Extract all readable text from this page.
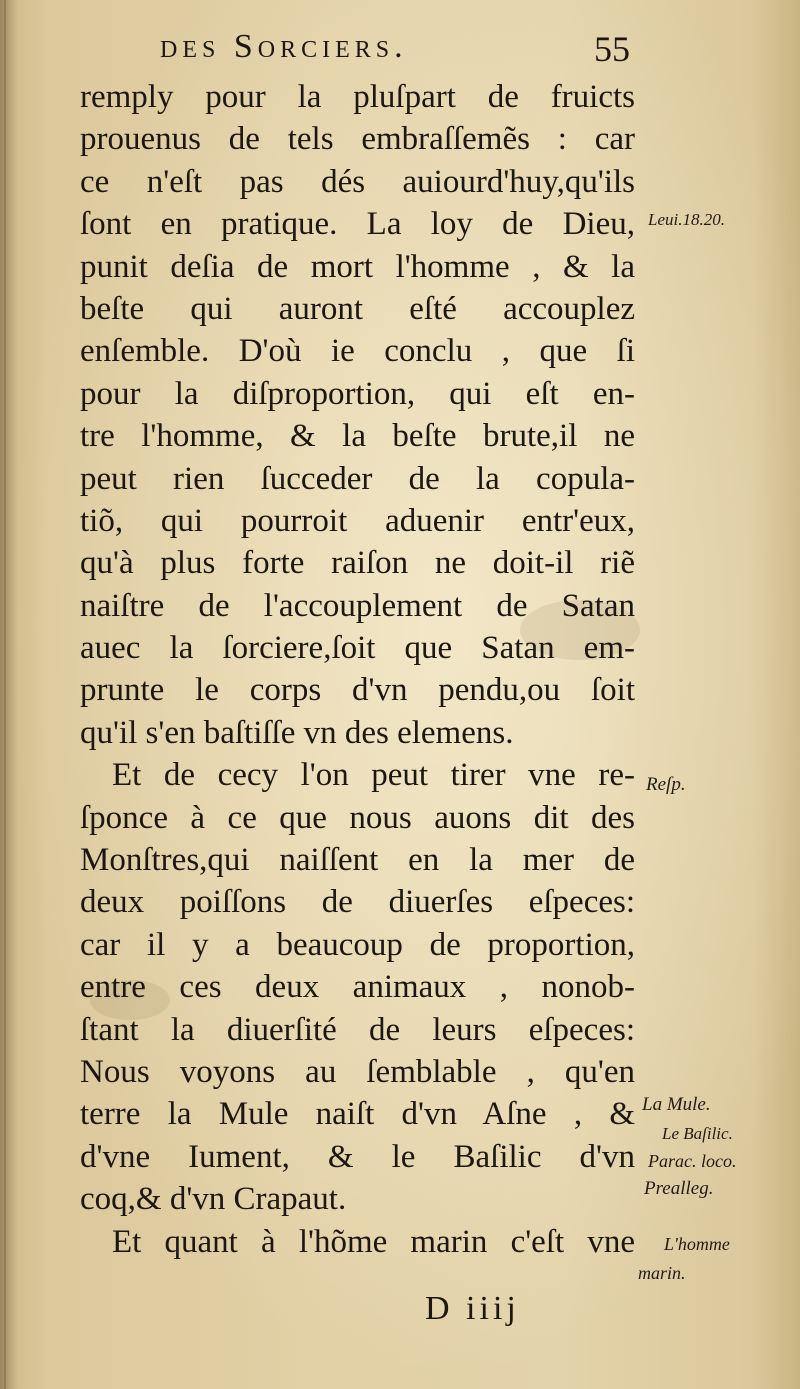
des Sorciers.	55
remply pour la pluſpart de fruicts
prouenus de tels embraſſemẽs : car
ce n'eſt pas dés auiourd'huy,qu'ils
ſont en pratique. La loy de Dieu,
punit deſia de mort l'homme , & la
beſte qui auront eſté accouplez
enſemble. D'où ie conclu , que ſi
pour la diſproportion, qui eſt en-
tre l'homme, & la beſte brute,il ne
peut rien ſucceder de la copula-
tiõ, qui pourroit aduenir entr'eux,
qu'à plus forte raiſon ne doit-il riẽ
naiſtre de l'accouplement de Satan
auec la ſorciere,ſoit que Satan em-
prunte le corps d'vn pendu,ou ſoit
qu'il s'en baſtiſſe vn des elemens.
Et de cecy l'on peut tirer vne re-
ſponce à ce que nous auons dit des
Monſtres,qui naiſſent en la mer de
deux poiſſons de diuerſes eſpeces:
car il y a beaucoup de proportion,
entre ces deux animaux , nonob-
ſtant la diuerſité de leurs eſpeces:
Nous voyons au ſemblable , qu'en
terre la Mule naiſt d'vn Aſne , &
d'vne Iument, & le Baſilic d'vn
coq,& d'vn Crapaut.
Et quant à l'hõme marin c'eſt vne
Leui.18.20.
Reſp.
La Mule.
Le Baſilic.
Parac. loco.
Prealleg.
L'homme
marin.
D iiij
